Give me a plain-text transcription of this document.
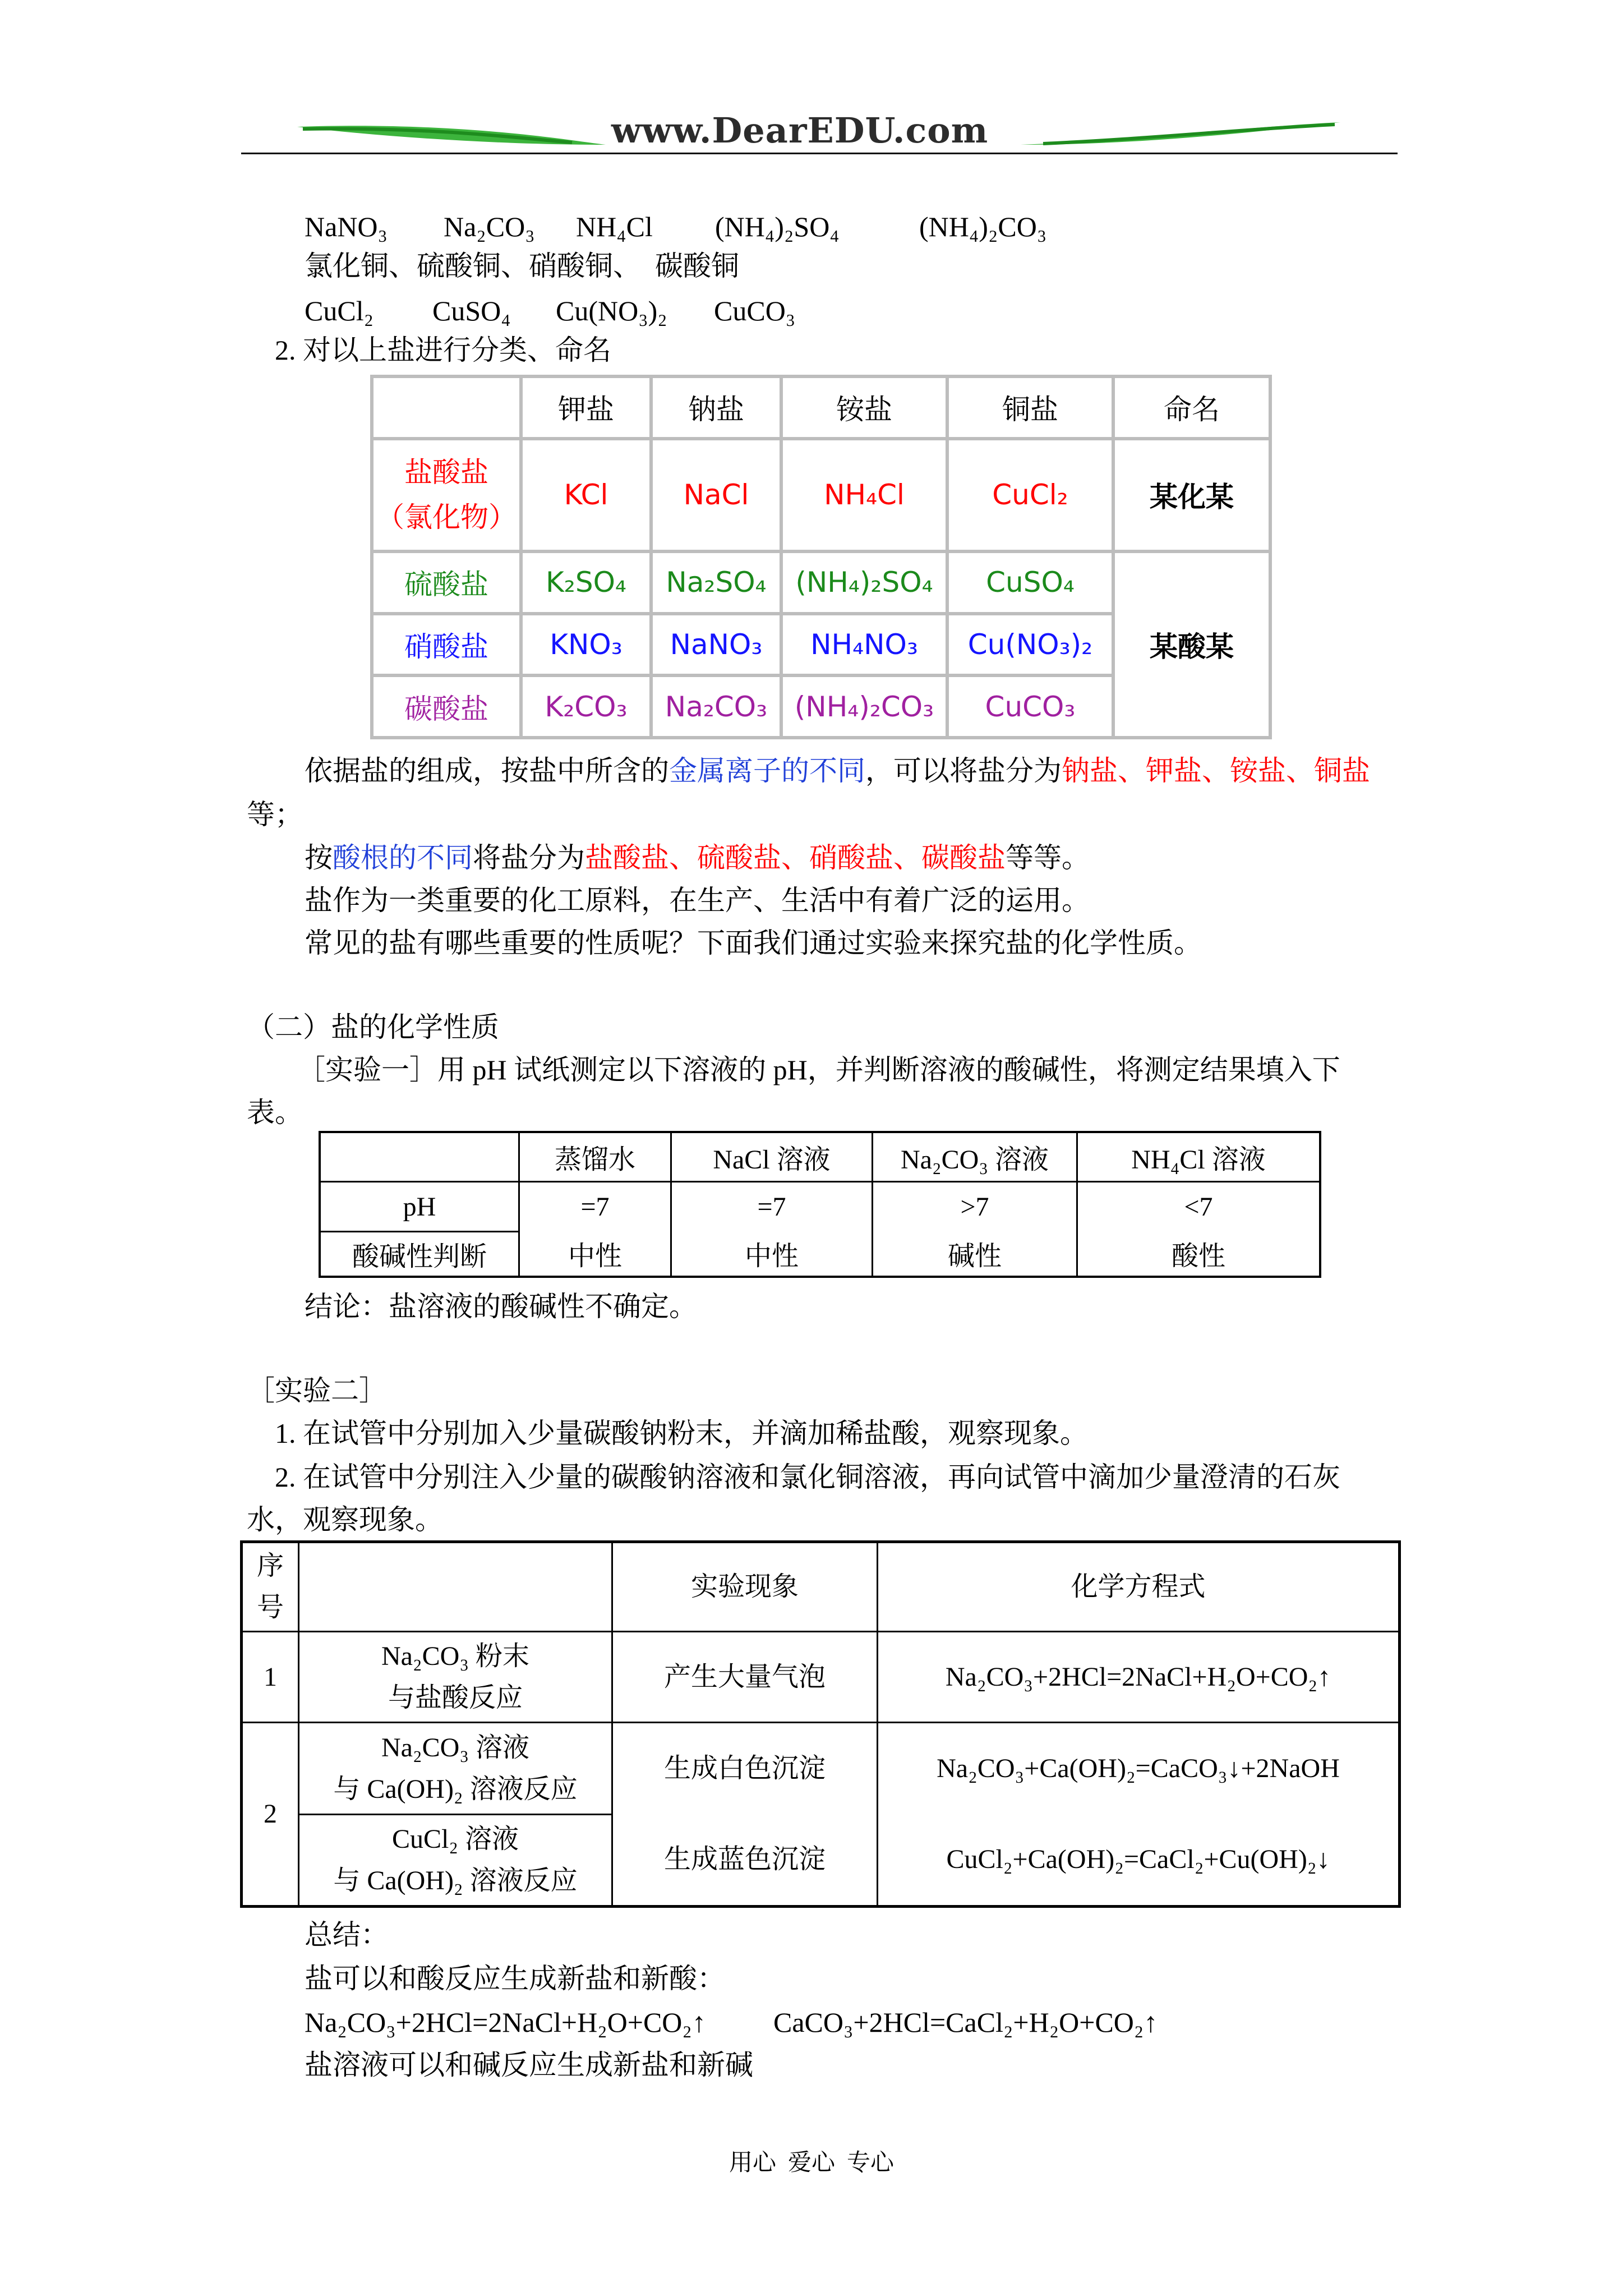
www.DearEDU.com
NaNO₃ Na₂CO₃ NH₄Cl (NH₄)₂SO₄	(NH₄)₂CO₃
氯化铜、硫酸铜、硝酸铜、　碳酸铜
CuCl₂ CuSO₄ Cu(NO₃)₂ CuCO₃
2. 对以上盐进行分类、命名
	钾盐	钠盐	铵盐	铜盐	命名

盐酸盐
（氯化物）	KCl	NaCl	NH₄Cl	CuCl₂	某化某
硫酸盐	K₂SO₄	Na₂SO₄	(NH₄)₂SO₄	CuSO₄	某酸某
硝酸盐	KNO₃	NaNO₃	NH₄NO₃	Cu(NO₃)₂	
碳酸盐	K₂CO₃	Na₂CO₃	(NH₄)₂CO₃	CuCO₃	
依据盐的组成，按盐中所含的金属离子的不同，可以将盐分为钠盐、钾盐、铵盐、铜盐
等；
按酸根的不同将盐分为盐酸盐、硫酸盐、硝酸盐、碳酸盐等等。
盐作为一类重要的化工原料，在生产、生活中有着广泛的运用。
常见的盐有哪些重要的性质呢？下面我们通过实验来探究盐的化学性质。
（二）盐的化学性质
［实验一］用 pH 试纸测定以下溶液的 pH，并判断溶液的酸碱性，将测定结果填入下
表。
	蒸馏水	NaCl 溶液	Na₂CO₃ 溶液	NH₄Cl 溶液
pH	=7	=7	>7	<7
酸碱性判断	中性	中性	碱性	酸性
结论：盐溶液的酸碱性不确定。
［实验二］
1. 在试管中分别加入少量碳酸钠粉末，并滴加稀盐酸，观察现象。
2. 在试管中分别注入少量的碳酸钠溶液和氯化铜溶液，再向试管中滴加少量澄清的石灰
水，观察现象。
序号		实验现象	化学方程式
1	Na₂CO₃ 粉末
与盐酸反应	产生大量气泡	Na₂CO₃+2HCl=2NaCl+H₂O+CO₂↑
2	Na₂CO₃ 溶液
与 Ca(OH)₂ 溶液反应	生成白色沉淀	Na₂CO₃+Ca(OH)₂=CaCO₃↓+2NaOH

	CuCl₂ 溶液
与 Ca(OH)₂ 溶液反应	生成蓝色沉淀	CuCl₂+Ca(OH)₂=CaCl₂+Cu(OH)₂↓
总结：
盐可以和酸反应生成新盐和新酸：
Na₂CO₃+2HCl=2NaCl+H₂O+CO₂↑ CaCO₃+2HCl=CaCl₂+H₂O+CO₂↑
盐溶液可以和碱反应生成新盐和新碱
用心  爱心  专心
